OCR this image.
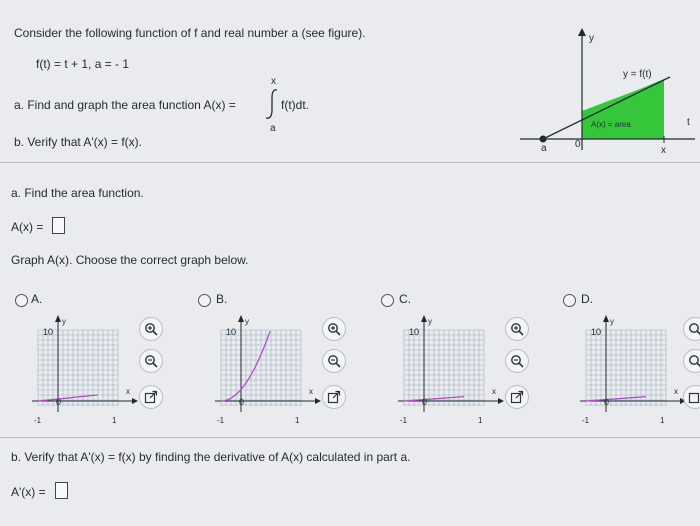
Consider the following function of f and real number a (see figure).
f(t) = t + 1, a = - 1
a. Find and graph the area function A(x) =
x
a
f(t)dt.
b. Verify that A'(x) = f(x).
y
y = f(t)
A(x) = area	t
a	0
x
a. Find the area function.
A(x) =
Graph A(x). Choose the correct graph below.
A.	B.	C.	D.
y
10
0
x
-1	1
y
10
0
x
-1	1
y
10
0
x
-1	1
y
10
0
x
-1	1
b. Verify that A'(x) = f(x) by finding the derivative of A(x) calculated in part a.
A'(x) =
